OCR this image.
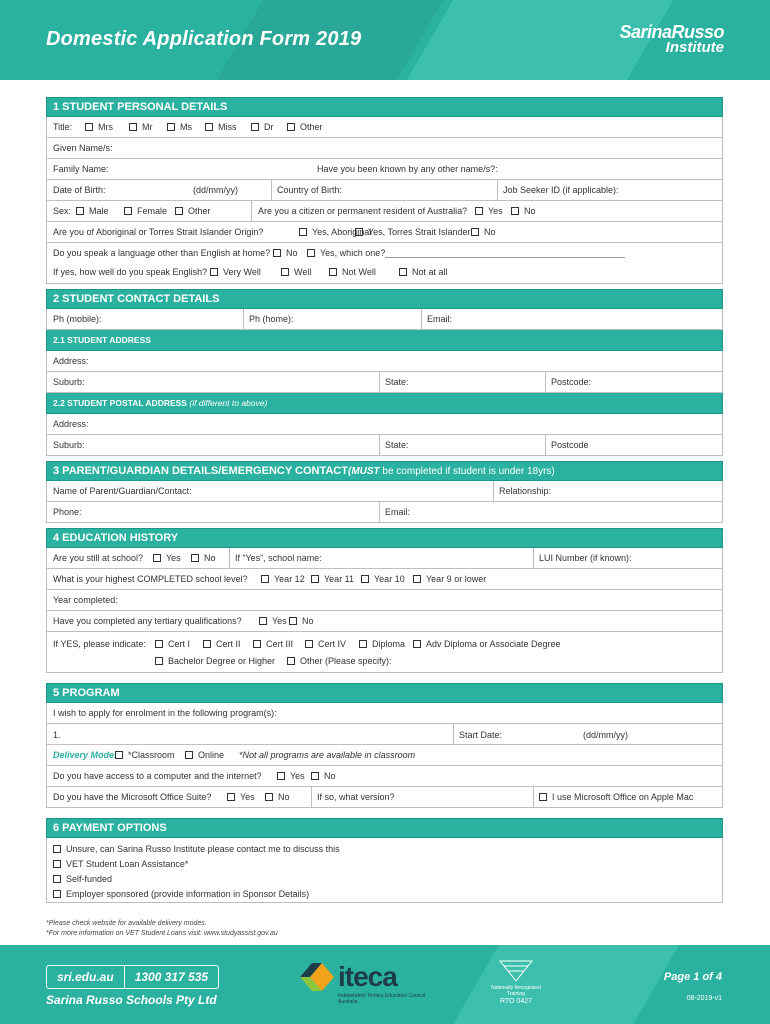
Domestic Application Form 2019	SarinaRusso
Institute
1 STUDENT PERSONAL DETAILS
Title:	Mrs	Mr	Ms	Miss	Dr	Other
Given Name/s:
Family Name:	Have you been known by any other name/s?:
Date of Birth:	(dd/mm/yy)	Country of Birth:	Job Seeker ID (if applicable):
Sex:	Male	Female	Other	Are you a citizen or permanent resident of Australia?	Yes	No
Are you of Aboriginal or Torres Strait Islander Origin?	Yes, Aboriginal
Yes, Torres Strait Islander	No
Do you speak a language other than English at home?	No	Yes, which one?
If yes, how well do you speak English?	Very Well	Well	Not Well	Not at all
2 STUDENT CONTACT DETAILS
Ph (mobile):	Ph (home):	Email:
2.1 STUDENT ADDRESS
Address:
Suburb:	State:	Postcode:
2.2 STUDENT POSTAL ADDRESS (if different to above)
Address:
Suburb:	State:	Postcode
3 PARENT/GUARDIAN DETAILS/EMERGENCY CONTACT(MUST be completed if student is under 18yrs)
Name of Parent/Guardian/Contact:	Relationship:
Phone:	Email:
4 EDUCATION HISTORY
Are you still at school?	Yes	No If “Yes”, school name:	LUI Number (if known):
What is your highest COMPLETED school level?	Year 12	Year 11	Year 10	Year 9 or lower
Year completed:
Have you completed any tertiary qualifications?	Yes	No
If YES, please indicate:	Cert I	Cert II	Cert III	Cert IV	Diploma	Adv Diploma or Associate Degree
Bachelor Degree or Higher	Other (Please specify):
5 PROGRAM
I wish to apply for enrolment in the following program(s):
1.	Start Date:	(dd/mm/yy)
Delivery Mode:	*Classroom	Online *Not all programs are available in classroom
Do you have access to a computer and the internet?	Yes	No
Do you have the Microsoft Office Suite?	Yes	No	If so, what version?	I use Microsoft Office on Apple Mac
6 PAYMENT OPTIONS
Unsure, can Sarina Russo Institute please contact me to discuss this
VET Student Loan Assistance*
Self-funded
Employer sponsored (provide information in Sponsor Details)
*Please check website for available delivery modes.
*For more information on VET Student Loans visit: www.studyassist.gov.au
sri.edu.au	1300 317 535
Sarina Russo Schools Pty Ltd
iteca
Independent Tertiary Education Council Australia
Nationally Recognised Training
RTO 0427
Page 1 of 4
08-2019-v1
